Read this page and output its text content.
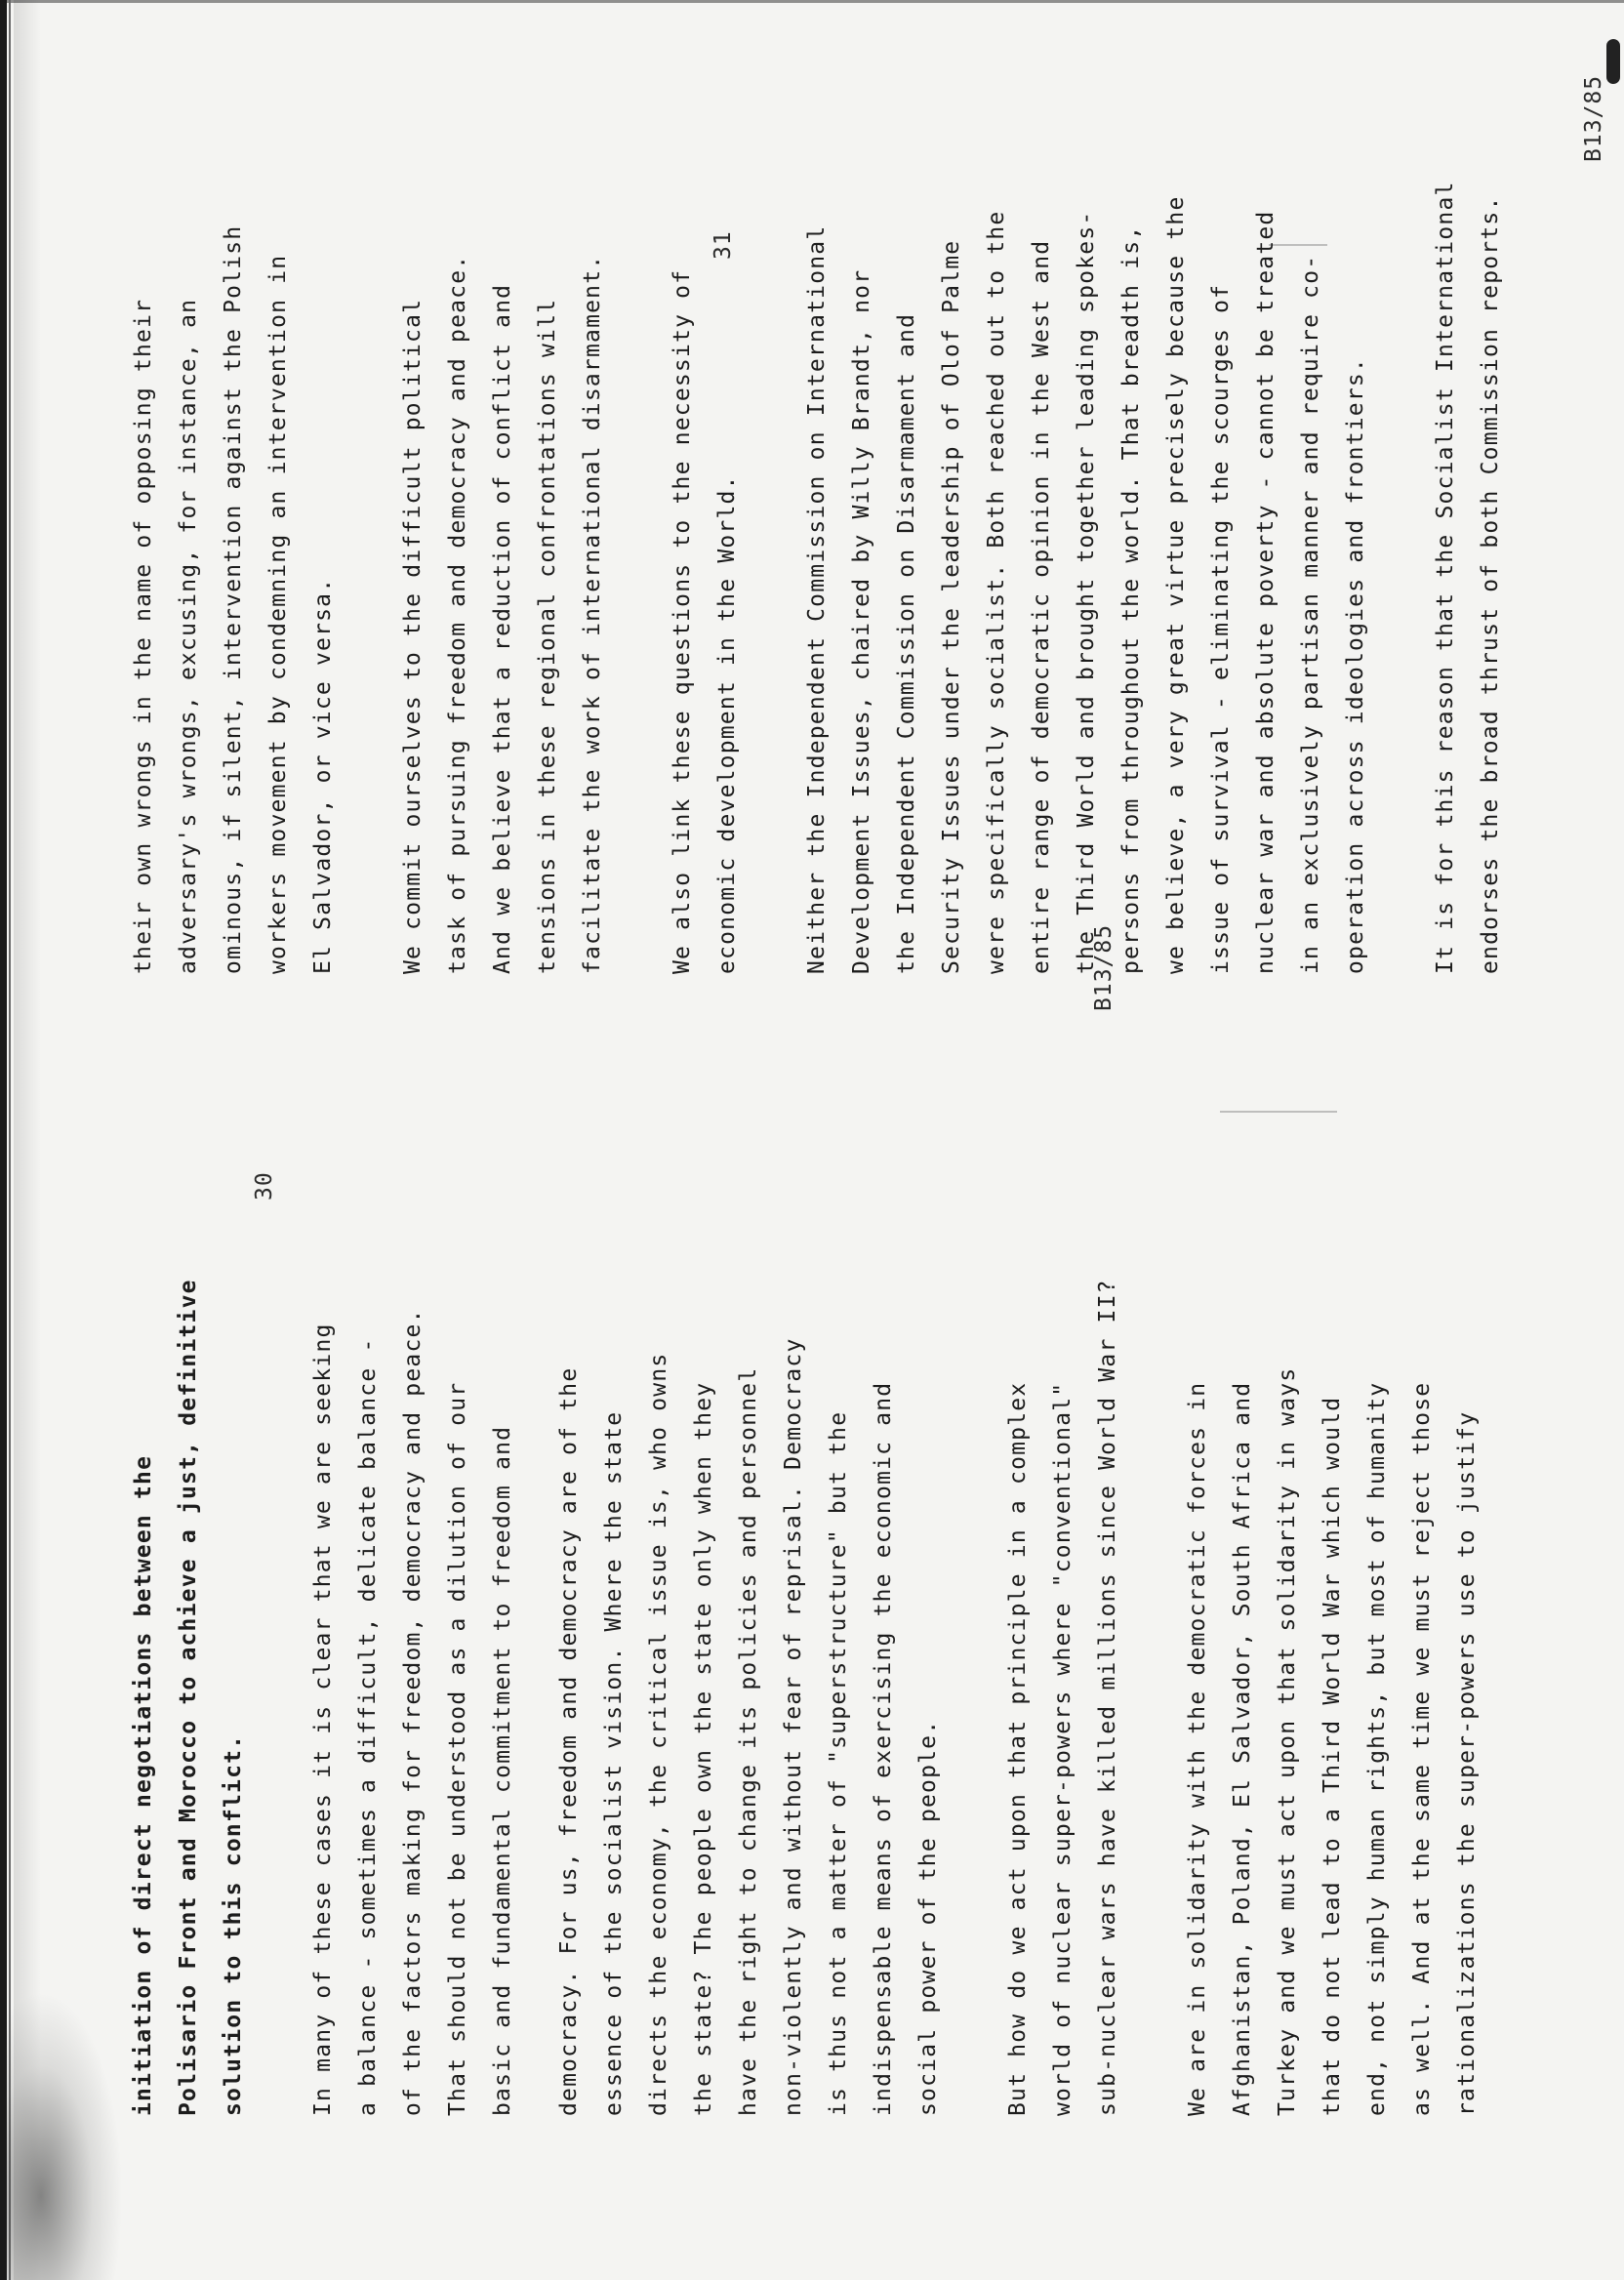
30
B13/85
initiation of direct negotiations between the Polisario Front and Morocco to achieve a just, definitive solution to this conflict.	In many of these cases it is clear that we are seeking a balance - sometimes a difficult, delicate balance - of the factors making for freedom, democracy and peace. That should not be understood as a dilution of our basic and fundamental commitment to freedom and	democracy. For us, freedom and democracy are of the essence of the socialist vision. Where the state directs the economy, the critical issue is, who owns the state? The people own the state only when they have the right to change its policies and personnel non-violently and without fear of reprisal. Democracy is thus not a matter of "superstructure" but the indispensable means of exercising the economic and social power of the people.	But how do we act upon that principle in a complex world of nuclear super-powers where "conventional" sub-nuclear wars have killed millions since World War II?	We are in solidarity with the democratic forces in Afghanistan, Poland, El Salvador, South Africa and Turkey and we must act upon that solidarity in ways that do not lead to a Third World War which would end, not simply human rights, but most of humanity as well. And at the same time we must reject those rationalizations the super-powers use to justify
31
B13/85
their own wrongs in the name of opposing their adversary's wrongs, excusing, for instance, an ominous, if silent, intervention against the Polish workers movement by condemning an intervention in El Salvador, or vice versa.	We commit ourselves to the difficult political task of pursuing freedom and democracy and peace. And we believe that a reduction of conflict and tensions in these regional confrontations will facilitate the work of international disarmament.	We also link these questions to the necessity of economic development in the World.	Neither the Independent Commission on International Development Issues, chaired by Willy Brandt, nor the Independent Commission on Disarmament and Security Issues under the leadership of Olof Palme were specifically socialist. Both reached out to the entire range of democratic opinion in the West and the Third World and brought together leading spokes- persons from throughout the world. That breadth is, we believe, a very great virtue precisely because the issue of survival - eliminating the scourges of nuclear war and absolute poverty - cannot be treated in an exclusively partisan manner and require co- operation across ideologies and frontiers.	It is for this reason that the Socialist International endorses the broad thrust of both Commission reports.
